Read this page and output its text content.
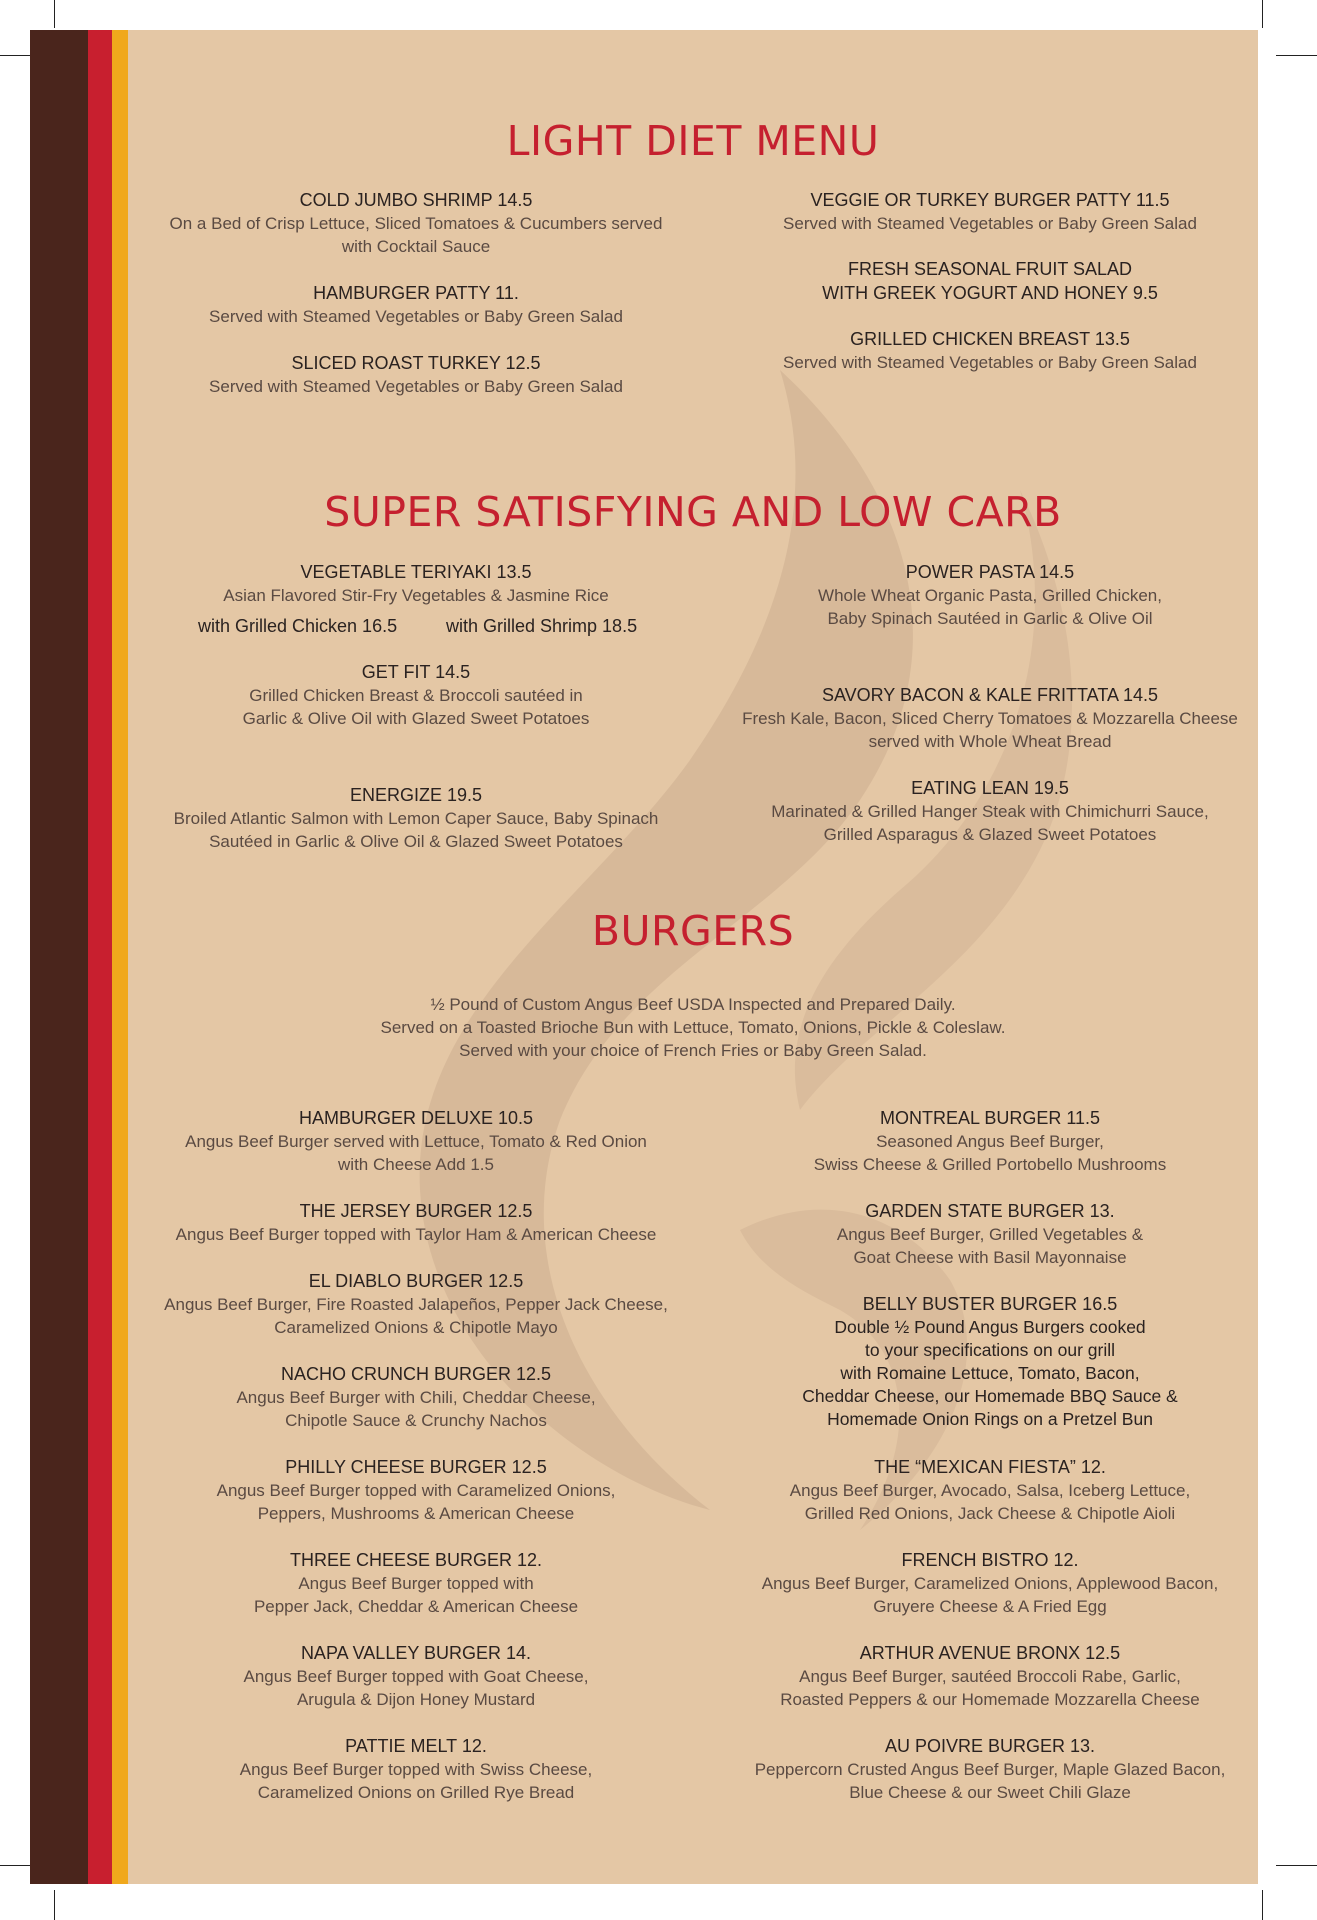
LIGHT DIET MENU
COLD JUMBO SHRIMP 14.5
On a Bed of Crisp Lettuce, Sliced Tomatoes & Cucumbers served
with Cocktail Sauce
HAMBURGER PATTY 11.
Served with Steamed Vegetables or Baby Green Salad
SLICED ROAST TURKEY 12.5
Served with Steamed Vegetables or Baby Green Salad
VEGGIE OR TURKEY BURGER PATTY 11.5
Served with Steamed Vegetables or Baby Green Salad
FRESH SEASONAL FRUIT SALAD
WITH GREEK YOGURT AND HONEY 9.5
GRILLED CHICKEN BREAST 13.5
Served with Steamed Vegetables or Baby Green Salad
SUPER SATISFYING AND LOW CARB
VEGETABLE TERIYAKI 13.5
Asian Flavored Stir-Fry Vegetables & Jasmine Rice
with Grilled Chicken 16.5	with Grilled Shrimp 18.5
GET FIT 14.5
Grilled Chicken Breast & Broccoli sautéed in
Garlic & Olive Oil with Glazed Sweet Potatoes
ENERGIZE 19.5
Broiled Atlantic Salmon with Lemon Caper Sauce, Baby Spinach
Sautéed in Garlic & Olive Oil & Glazed Sweet Potatoes
POWER PASTA 14.5
Whole Wheat Organic Pasta, Grilled Chicken,
Baby Spinach Sautéed in Garlic & Olive Oil
SAVORY BACON & KALE FRITTATA 14.5
Fresh Kale, Bacon, Sliced Cherry Tomatoes & Mozzarella Cheese
served with Whole Wheat Bread
EATING LEAN 19.5
Marinated & Grilled Hanger Steak with Chimichurri Sauce,
Grilled Asparagus & Glazed Sweet Potatoes
BURGERS
½ Pound of Custom Angus Beef USDA Inspected and Prepared Daily.
Served on a Toasted Brioche Bun with Lettuce, Tomato, Onions, Pickle & Coleslaw.
Served with your choice of French Fries or Baby Green Salad.
HAMBURGER DELUXE 10.5
Angus Beef Burger served with Lettuce, Tomato & Red Onion
with Cheese Add 1.5
THE JERSEY BURGER 12.5
Angus Beef Burger topped with Taylor Ham & American Cheese
EL DIABLO BURGER 12.5
Angus Beef Burger, Fire Roasted Jalapeños, Pepper Jack Cheese,
Caramelized Onions & Chipotle Mayo
NACHO CRUNCH BURGER 12.5
Angus Beef Burger with Chili, Cheddar Cheese,
Chipotle Sauce & Crunchy Nachos
PHILLY CHEESE BURGER 12.5
Angus Beef Burger topped with Caramelized Onions,
Peppers, Mushrooms & American Cheese
THREE CHEESE BURGER 12.
Angus Beef Burger topped with
Pepper Jack, Cheddar & American Cheese
NAPA VALLEY BURGER 14.
Angus Beef Burger topped with Goat Cheese,
Arugula & Dijon Honey Mustard
PATTIE MELT 12.
Angus Beef Burger topped with Swiss Cheese,
Caramelized Onions on Grilled Rye Bread
MONTREAL BURGER 11.5
Seasoned Angus Beef Burger,
Swiss Cheese & Grilled Portobello Mushrooms
GARDEN STATE BURGER 13.
Angus Beef Burger, Grilled Vegetables &
Goat Cheese with Basil Mayonnaise
BELLY BUSTER BURGER 16.5
Double ½ Pound Angus Burgers cooked
to your specifications on our grill
with Romaine Lettuce, Tomato, Bacon,
Cheddar Cheese, our Homemade BBQ Sauce &
Homemade Onion Rings on a Pretzel Bun
THE “MEXICAN FIESTA” 12.
Angus Beef Burger, Avocado, Salsa, Iceberg Lettuce,
Grilled Red Onions, Jack Cheese & Chipotle Aioli
FRENCH BISTRO 12.
Angus Beef Burger, Caramelized Onions, Applewood Bacon,
Gruyere Cheese & A Fried Egg
ARTHUR AVENUE BRONX 12.5
Angus Beef Burger, sautéed Broccoli Rabe, Garlic,
Roasted Peppers & our Homemade Mozzarella Cheese
AU POIVRE BURGER 13.
Peppercorn Crusted Angus Beef Burger, Maple Glazed Bacon,
Blue Cheese & our Sweet Chili Glaze
